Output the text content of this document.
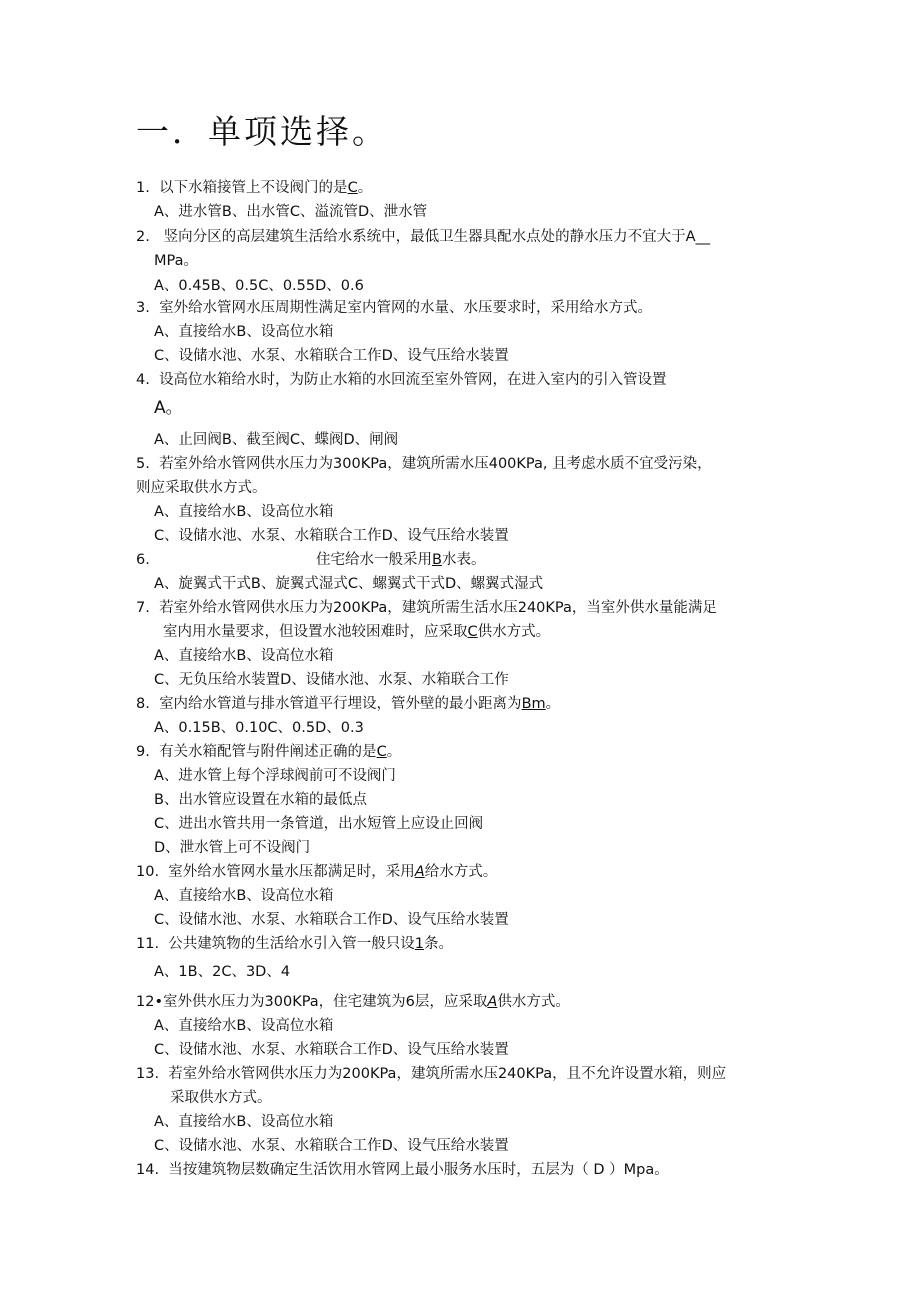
一．单项选择。
1. 以下水箱接管上不设阀门的是C。
A、进水管B、出水管C、溢流管D、泄水管
2. 竖向分区的高层建筑生活给水系统中，最低卫生器具配水点处的静水压力不宜大于A__
MPa。
A、0.45B、0.5C、0.55D、0.6
3. 室外给水管网水压周期性满足室内管网的水量、水压要求时，采用给水方式。
A、直接给水B、设高位水箱
C、设储水池、水泵、水箱联合工作D、设气压给水装置
4. 设高位水箱给水时，为防止水箱的水回流至室外管网，在进入室内的引入管设置
A。
A、止回阀B、截至阀C、蝶阀D、闸阀
5. 若室外给水管网供水压力为300KPa，建筑所需水压400KPa, 且考虑水质不宜受污染，
则应采取供水方式。
A、直接给水B、设高位水箱
C、设储水池、水泵、水箱联合工作D、设气压给水装置
6.	住宅给水一般采用B水表。
A、旋翼式干式B、旋翼式湿式C、螺翼式干式D、螺翼式湿式
7. 若室外给水管网供水压力为200KPa，建筑所需生活水压240KPa，当室外供水量能满足
室内用水量要求，但设置水池较困难时，应采取C供水方式。
A、直接给水B、设高位水箱
C、无负压给水装置D、设储水池、水泵、水箱联合工作
8. 室内给水管道与排水管道平行埋设，管外壁的最小距离为Bm。
A、0.15B、0.10C、0.5D、0.3
9. 有关水箱配管与附件阐述正确的是C。
A、进水管上每个浮球阀前可不设阀门
B、出水管应设置在水箱的最低点
C、进出水管共用一条管道，出水短管上应设止回阀
D、泄水管上可不设阀门
10. 室外给水管网水量水压都满足时，采用A给水方式。
A、直接给水B、设高位水箱
C、设储水池、水泵、水箱联合工作D、设气压给水装置
11. 公共建筑物的生活给水引入管一般只设1条。
A、1B、2C、3D、4
12•室外供水压力为300KPa，住宅建筑为6层，应采取A供水方式。
A、直接给水B、设高位水箱
C、设储水池、水泵、水箱联合工作D、设气压给水装置
13. 若室外给水管网供水压力为200KPa，建筑所需水压240KPa，且不允许设置水箱，则应
采取供水方式。
A、直接给水B、设高位水箱
C、设储水池、水泵、水箱联合工作D、设气压给水装置
14. 当按建筑物层数确定生活饮用水管网上最小服务水压时，五层为（ D ）Mpa。
